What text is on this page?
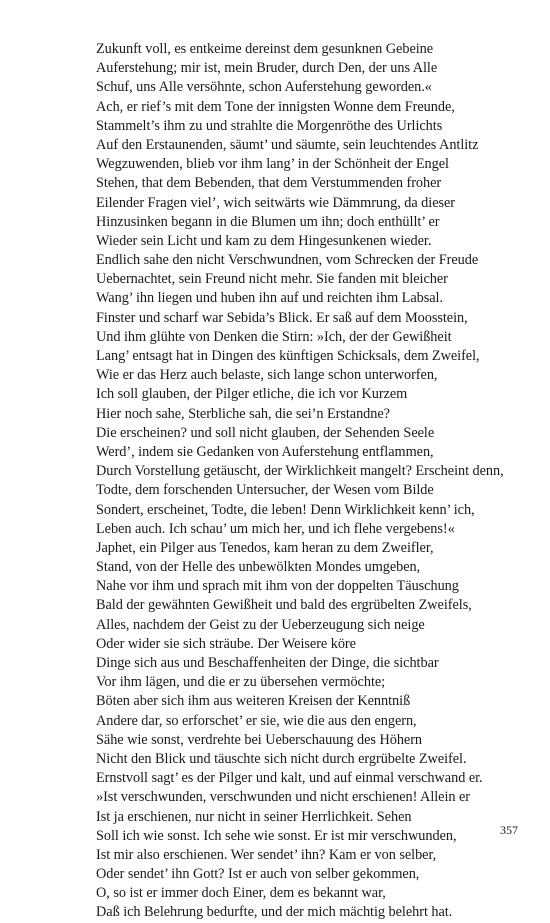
Zukunft voll, es entkeime dereinst dem gesunknen Gebeine
Auferstehung; mir ist, mein Bruder, durch Den, der uns Alle
Schuf, uns Alle versöhnte, schon Auferstehung geworden.«
Ach, er rief’s mit dem Tone der innigsten Wonne dem Freunde,
Stammelt’s ihm zu und strahlte die Morgenröthe des Urlichts
Auf den Erstaunenden, säumt’ und säumte, sein leuchtendes Antlitz
Wegzuwenden, blieb vor ihm lang’ in der Schönheit der Engel
Stehen, that dem Bebenden, that dem Verstummenden froher
Eilender Fragen viel’, wich seitwärts wie Dämmrung, da dieser
Hinzusinken begann in die Blumen um ihn; doch enthüllt’ er
Wieder sein Licht und kam zu dem Hingesunkenen wieder.
Endlich sahe den nicht Verschwundnen, vom Schrecken der Freude
Uebernachtet, sein Freund nicht mehr. Sie fanden mit bleicher
Wang’ ihn liegen und huben ihn auf und reichten ihm Labsal.
Finster und scharf war Sebida’s Blick. Er saß auf dem Moosstein,
Und ihm glühte von Denken die Stirn: »Ich, der der Gewißheit
Lang’ entsagt hat in Dingen des künftigen Schicksals, dem Zweifel,
Wie er das Herz auch belaste, sich lange schon unterworfen,
Ich soll glauben, der Pilger etliche, die ich vor Kurzem
Hier noch sahe, Sterbliche sah, die sei’n Erstandne?
Die erscheinen? und soll nicht glauben, der Sehenden Seele
Werd’, indem sie Gedanken von Auferstehung entflammen,
Durch Vorstellung getäuscht, der Wirklichkeit mangelt? Erscheint denn,
Todte, dem forschenden Untersucher, der Wesen vom Bilde
Sondert, erscheinet, Todte, die leben! Denn Wirklichkeit kenn’ ich,
Leben auch. Ich schau’ um mich her, und ich flehe vergebens!«
Japhet, ein Pilger aus Tenedos, kam heran zu dem Zweifler,
Stand, von der Helle des unbewölkten Mondes umgeben,
Nahe vor ihm und sprach mit ihm von der doppelten Täuschung
Bald der gewähnten Gewißheit und bald des ergrübelten Zweifels,
Alles, nachdem der Geist zu der Ueberzeugung sich neige
Oder wider sie sich sträube. Der Weisere köre
Dinge sich aus und Beschaffenheiten der Dinge, die sichtbar
Vor ihm lägen, und die er zu übersehen vermöchte;
Böten aber sich ihm aus weiteren Kreisen der Kenntniß
Andere dar, so erforschet’ er sie, wie die aus den engern,
Sähe wie sonst, verdrehte bei Ueberschauung des Höhern
Nicht den Blick und täuschte sich nicht durch ergrübelte Zweifel.
Ernstvoll sagt’ es der Pilger und kalt, und auf einmal verschwand er.
»Ist verschwunden, verschwunden und nicht erschienen! Allein er
Ist ja erschienen, nur nicht in seiner Herrlichkeit. Sehen
Soll ich wie sonst. Ich sehe wie sonst. Er ist mir verschwunden,
Ist mir also erschienen. Wer sendet’ ihn? Kam er von selber,
Oder sendet’ ihn Gott? Ist er auch von selber gekommen,
O, so ist er immer doch Einer, dem es bekannt war,
Daß ich Belehrung bedurfte, und der mich mächtig belehrt hat.
357
